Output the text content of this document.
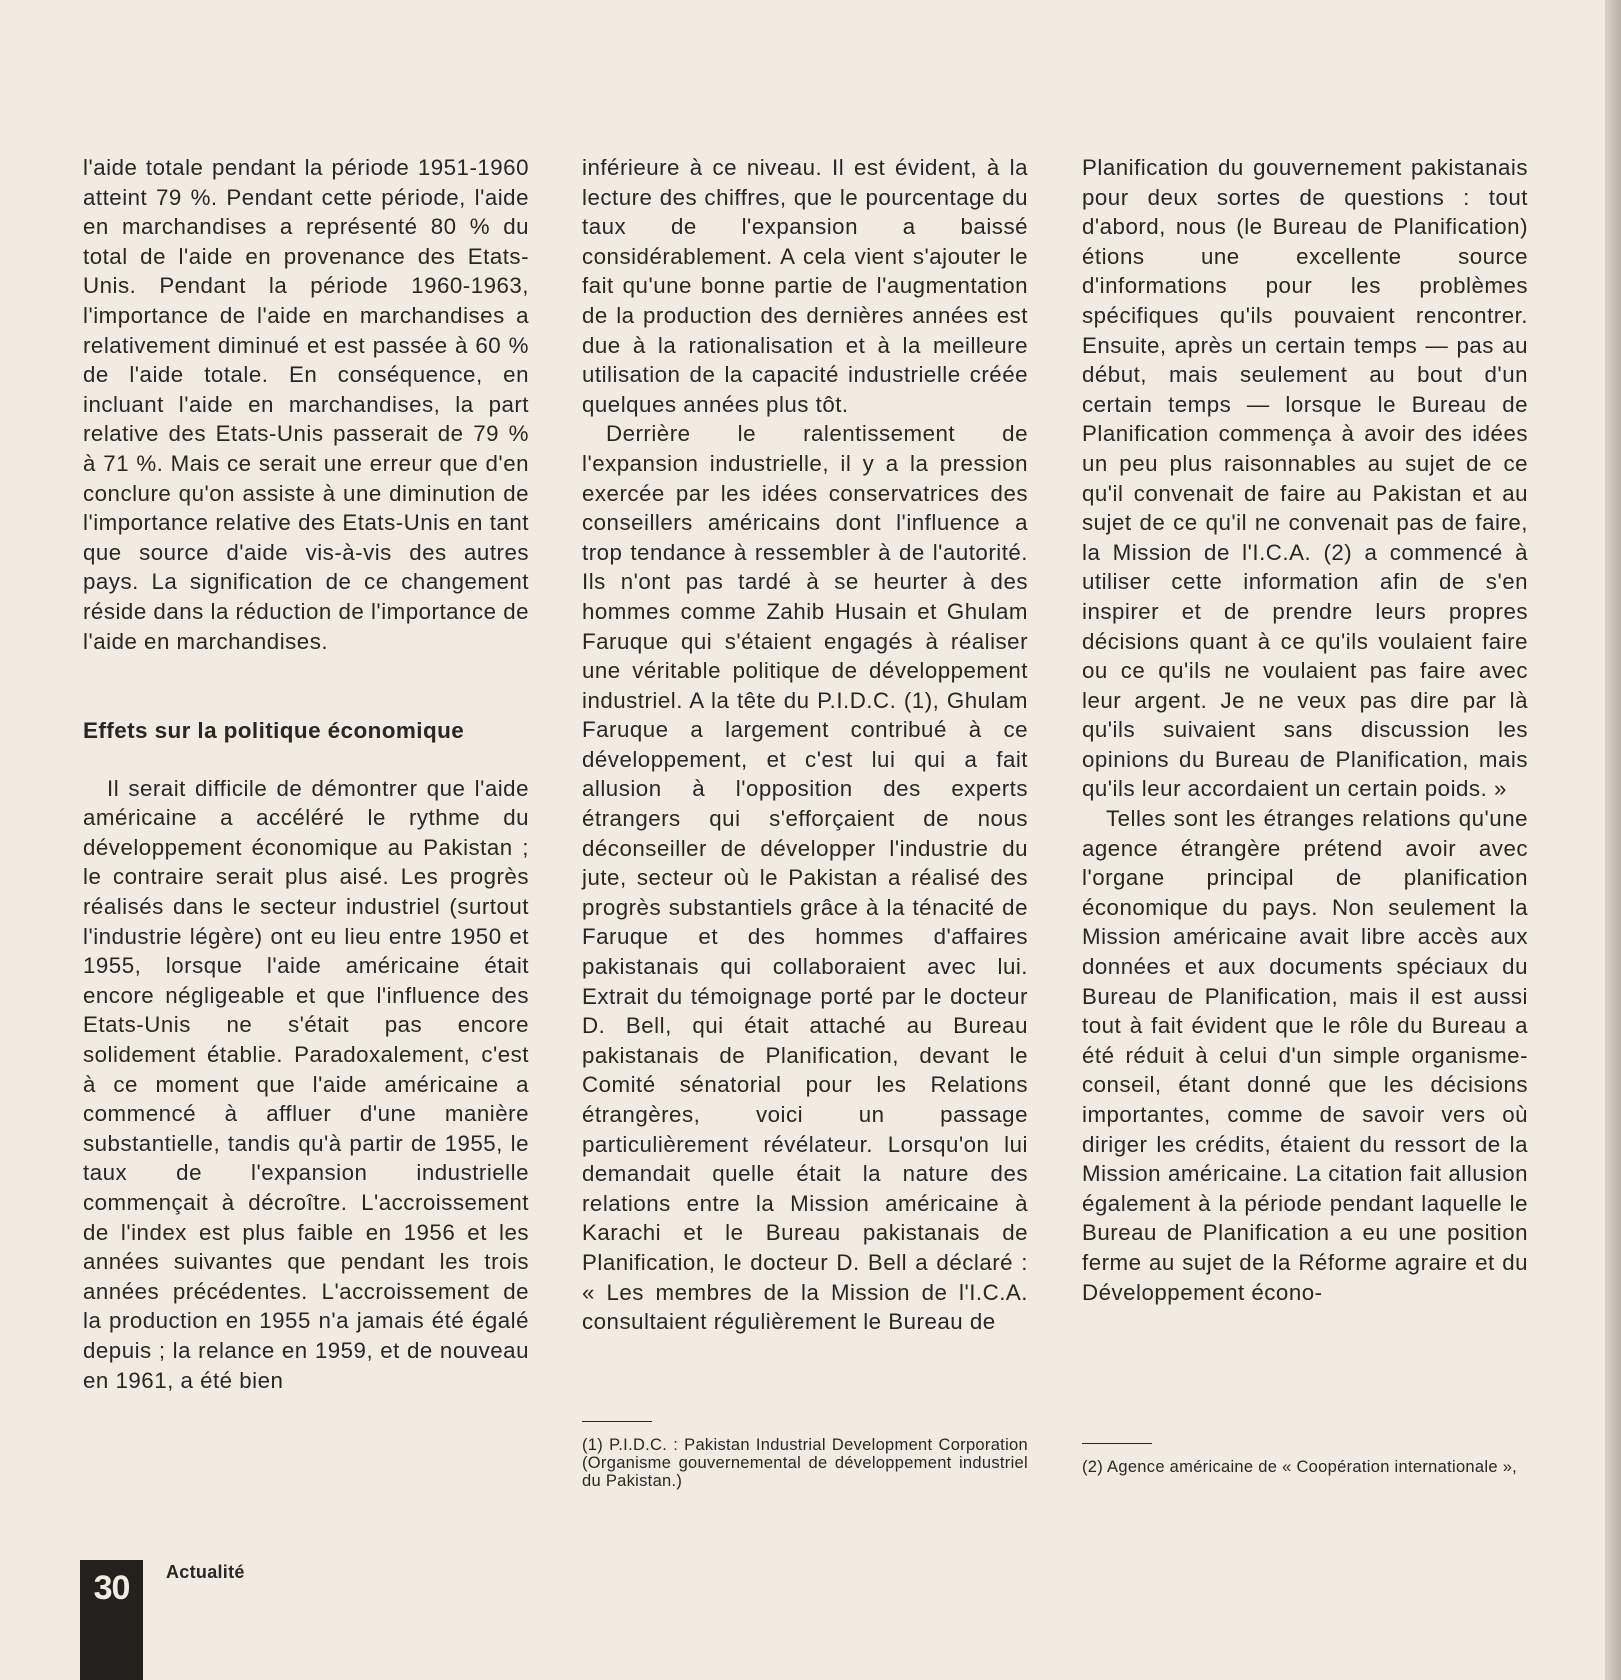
l'aide totale pendant la période 1951-1960 atteint 79 %. Pendant cette période, l'aide en marchandises a représenté 80 % du total de l'aide en provenance des Etats-Unis. Pendant la période 1960-1963, l'importance de l'aide en marchandises a relativement diminué et est passée à 60 % de l'aide totale. En conséquence, en incluant l'aide en marchandises, la part relative des Etats-Unis passerait de 79 % à 71 %. Mais ce serait une erreur que d'en conclure qu'on assiste à une diminution de l'importance relative des Etats-Unis en tant que source d'aide vis-à-vis des autres pays. La signification de ce changement réside dans la réduction de l'importance de l'aide en marchandises.

Effets sur la politique économique

Il serait difficile de démontrer que l'aide américaine a accéléré le rythme du développement économique au Pakistan ; le contraire serait plus aisé. Les progrès réalisés dans le secteur industriel (surtout l'industrie légère) ont eu lieu entre 1950 et 1955, lorsque l'aide américaine était encore négligeable et que l'influence des Etats-Unis ne s'était pas encore solidement établie. Paradoxalement, c'est à ce moment que l'aide américaine a commencé à affluer d'une manière substantielle, tandis qu'à partir de 1955, le taux de l'expansion industrielle commençait à décroître. L'accroissement de l'index est plus faible en 1956 et les années suivantes que pendant les trois années précédentes. L'accroissement de la production en 1955 n'a jamais été égalé depuis ; la relance en 1959, et de nouveau en 1961, a été bien

inférieure à ce niveau. Il est évident, à la lecture des chiffres, que le pourcentage du taux de l'expansion a baissé considérablement. A cela vient s'ajouter le fait qu'une bonne partie de l'augmentation de la production des dernières années est due à la rationalisation et à la meilleure utilisation de la capacité industrielle créée quelques années plus tôt.

Derrière le ralentissement de l'expansion industrielle, il y a la pression exercée par les idées conservatrices des conseillers américains dont l'influence a trop tendance à ressembler à de l'autorité. Ils n'ont pas tardé à se heurter à des hommes comme Zahib Husain et Ghulam Faruque qui s'étaient engagés à réaliser une véritable politique de développement industriel. A la tête du P.I.D.C. (1), Ghulam Faruque a largement contribué à ce développement, et c'est lui qui a fait allusion à l'opposition des experts étrangers qui s'efforçaient de nous déconseiller de développer l'industrie du jute, secteur où le Pakistan a réalisé des progrès substantiels grâce à la ténacité de Faruque et des hommes d'affaires pakistanais qui collaboraient avec lui. Extrait du témoignage porté par le docteur D. Bell, qui était attaché au Bureau pakistanais de Planification, devant le Comité sénatorial pour les Relations étrangères, voici un passage particulièrement révélateur. Lorsqu'on lui demandait quelle était la nature des relations entre la Mission américaine à Karachi et le Bureau pakistanais de Planification, le docteur D. Bell a déclaré : « Les membres de la Mission de l'I.C.A. consultaient régulièrement le Bureau de

Planification du gouvernement pakistanais pour deux sortes de questions : tout d'abord, nous (le Bureau de Planification) étions une excellente source d'informations pour les problèmes spécifiques qu'ils pouvaient rencontrer. Ensuite, après un certain temps — pas au début, mais seulement au bout d'un certain temps — lorsque le Bureau de Planification commença à avoir des idées un peu plus raisonnables au sujet de ce qu'il convenait de faire au Pakistan et au sujet de ce qu'il ne convenait pas de faire, la Mission de l'I.C.A. (2) a commencé à utiliser cette information afin de s'en inspirer et de prendre leurs propres décisions quant à ce qu'ils voulaient faire ou ce qu'ils ne voulaient pas faire avec leur argent. Je ne veux pas dire par là qu'ils suivaient sans discussion les opinions du Bureau de Planification, mais qu'ils leur accordaient un certain poids. »

Telles sont les étranges relations qu'une agence étrangère prétend avoir avec l'organe principal de planification économique du pays. Non seulement la Mission américaine avait libre accès aux données et aux documents spéciaux du Bureau de Planification, mais il est aussi tout à fait évident que le rôle du Bureau a été réduit à celui d'un simple organisme-conseil, étant donné que les décisions importantes, comme de savoir vers où diriger les crédits, étaient du ressort de la Mission américaine. La citation fait allusion également à la période pendant laquelle le Bureau de Planification a eu une position ferme au sujet de la Réforme agraire et du Développement écono-

(1) P.I.D.C. : Pakistan Industrial Development Corporation (Organisme gouvernemental de développement industriel du Pakistan.)

(2) Agence américaine de « Coopération internationale »,

30	Actualité
